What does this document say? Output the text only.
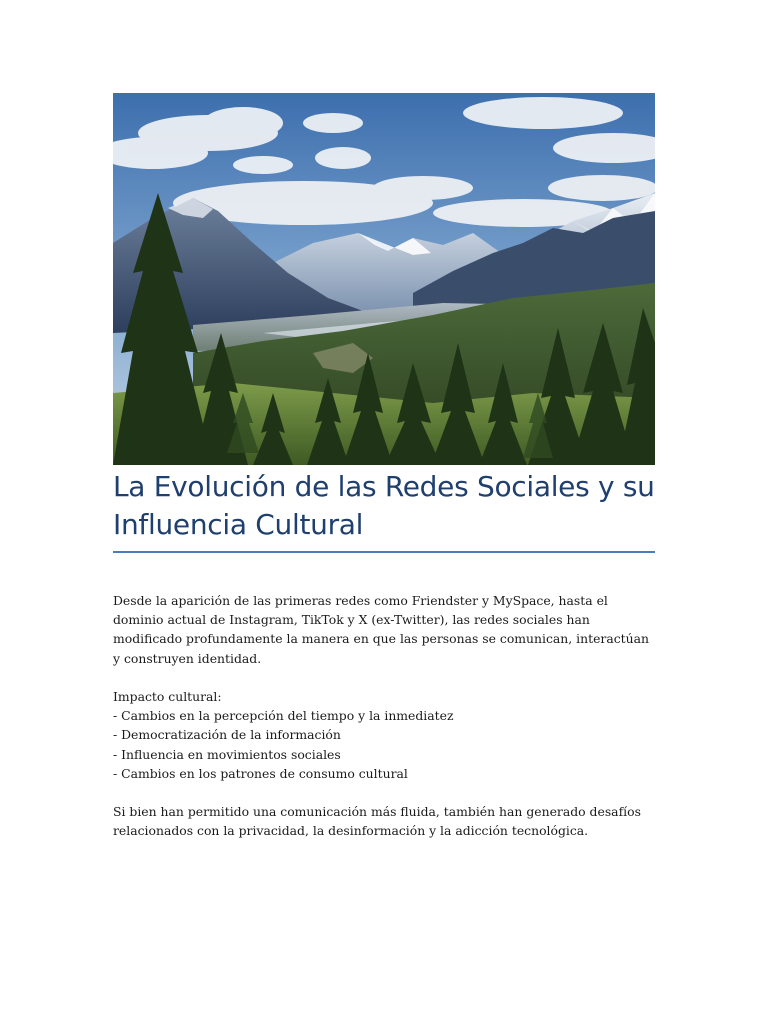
La Evolución de las Redes Sociales y su Influencia Cultural

Desde la aparición de las primeras redes como Friendster y MySpace, hasta el dominio actual de Instagram, TikTok y X (ex-Twitter), las redes sociales han modificado profundamente la manera en que las personas se comunican, interactúan y construyen identidad.

Impacto cultural:
- Cambios en la percepción del tiempo y la inmediatez
- Democratización de la información
- Influencia en movimientos sociales
- Cambios en los patrones de consumo cultural

Si bien han permitido una comunicación más fluida, también han generado desafíos relacionados con la privacidad, la desinformación y la adicción tecnológica.
